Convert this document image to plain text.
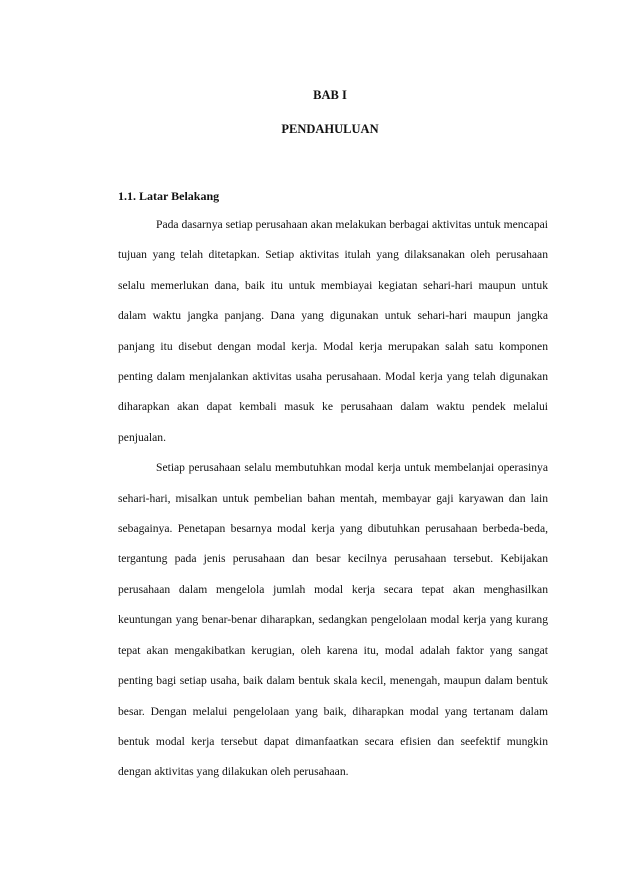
BAB I
PENDAHULUAN
1.1. Latar Belakang

Pada dasarnya setiap perusahaan akan melakukan berbagai aktivitas untuk mencapai tujuan yang telah ditetapkan. Setiap aktivitas itulah yang dilaksanakan oleh perusahaan selalu memerlukan dana, baik itu untuk membiayai kegiatan sehari-hari maupun untuk dalam waktu jangka panjang. Dana yang digunakan untuk sehari-hari maupun jangka panjang itu disebut dengan modal kerja. Modal kerja merupakan salah satu komponen penting dalam menjalankan aktivitas usaha perusahaan. Modal kerja yang telah digunakan diharapkan akan dapat kembali masuk ke perusahaan dalam waktu pendek melalui penjualan.

Setiap perusahaan selalu membutuhkan modal kerja untuk membelanjai operasinya sehari-hari, misalkan untuk pembelian bahan mentah, membayar gaji karyawan dan lain sebagainya. Penetapan besarnya modal kerja yang dibutuhkan perusahaan berbeda-beda, tergantung pada jenis perusahaan dan besar kecilnya perusahaan tersebut. Kebijakan perusahaan dalam mengelola jumlah modal kerja secara tepat akan menghasilkan keuntungan yang benar-benar diharapkan, sedangkan pengelolaan modal kerja yang kurang tepat akan mengakibatkan kerugian, oleh karena itu, modal adalah faktor yang sangat penting bagi setiap usaha, baik dalam bentuk skala kecil, menengah, maupun dalam bentuk besar. Dengan melalui pengelolaan yang baik, diharapkan modal yang tertanam dalam bentuk modal kerja tersebut dapat dimanfaatkan secara efisien dan seefektif mungkin dengan aktivitas yang dilakukan oleh perusahaan.
